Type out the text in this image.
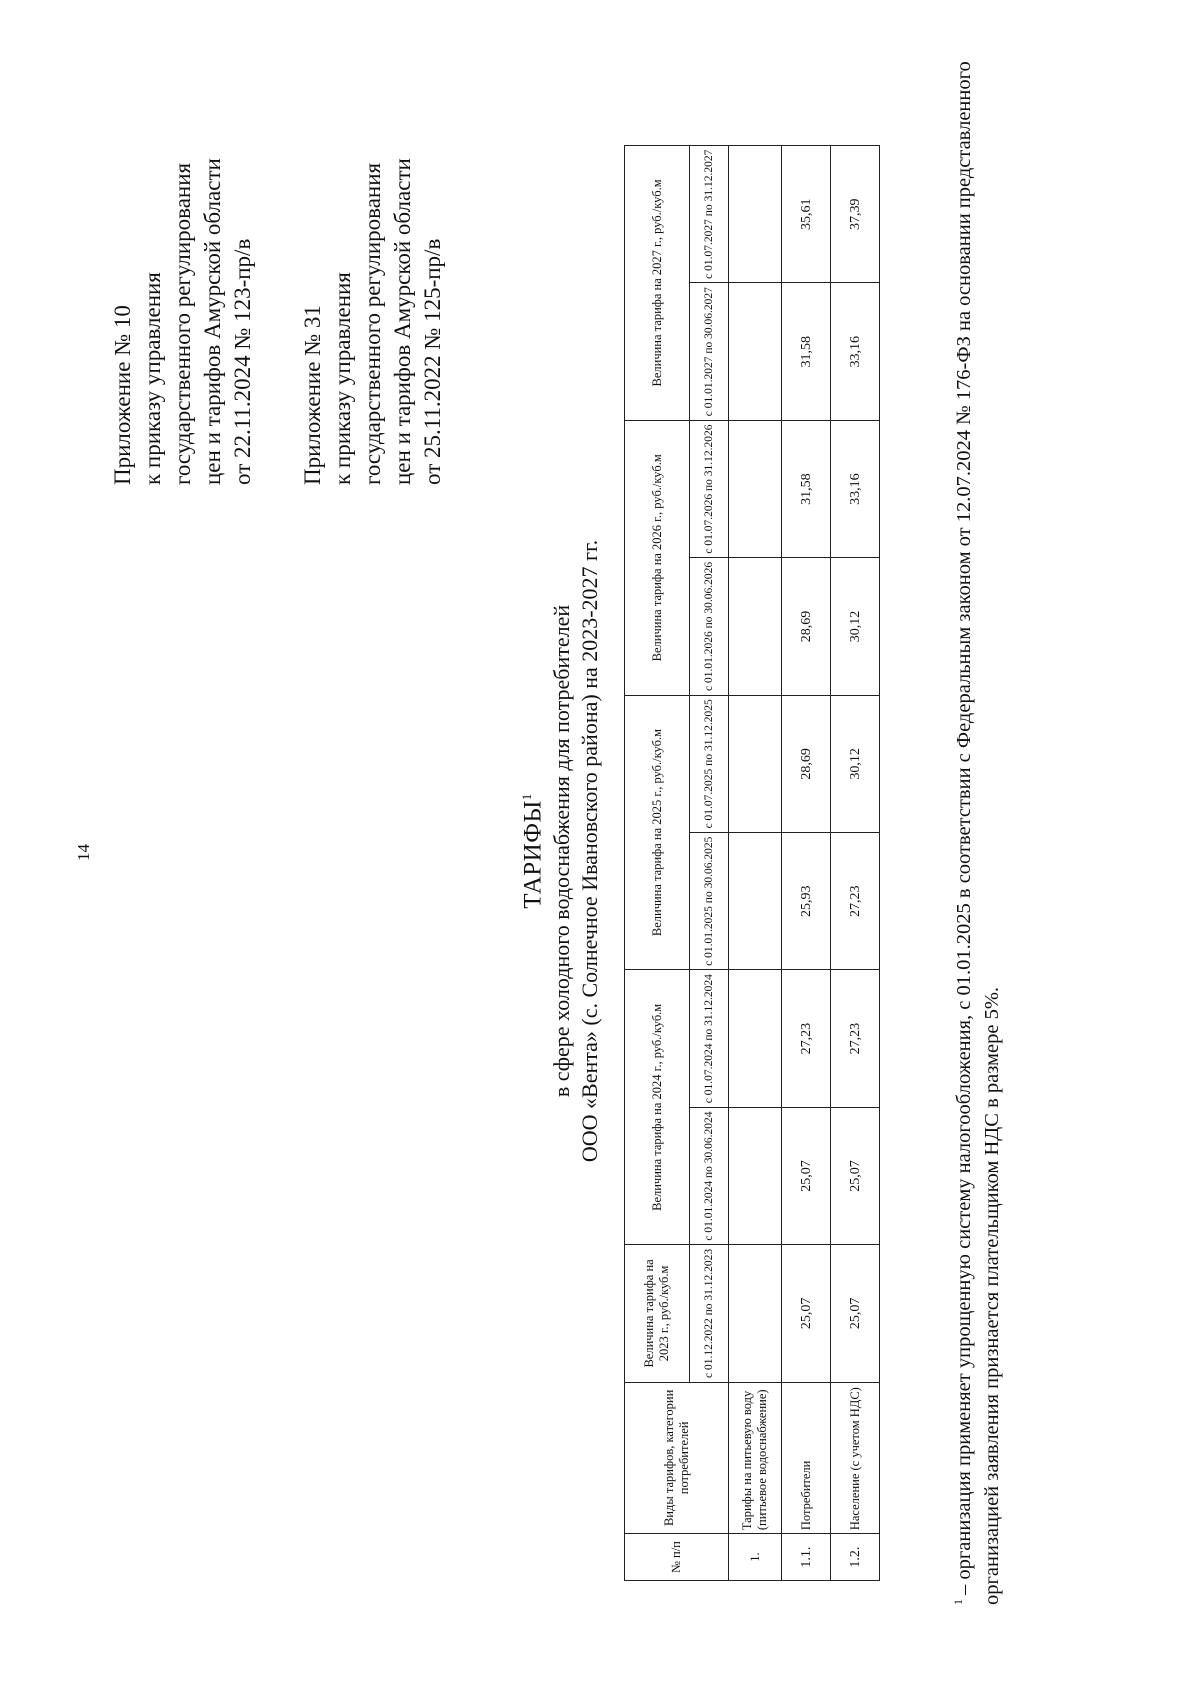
14
Приложение № 10 к приказу управления государственного регулирования цен и тарифов Амурской области от 22.11.2024 № 123-пр/в Приложение № 31 к приказу управления государственного регулирования цен и тарифов Амурской области от 25.11.2022 № 125-пр/в
ТАРИФЫ$^1$ в сфере холодного водоснабжения для потребителей ООО «Вента» (с. Солнечное Ивановского района) на 2023-2027 гг.
№ п/п	Виды тарифов, категории потребителей	Величина тарифа на 2023 г., руб./куб.м	Величина тарифа на 2024 г., руб./куб.м		Величина тарифа на 2025 г., руб./куб.м		Величина тарифа на 2026 г., руб./куб.м		Величина тарифа на 2027 г., руб./куб.м	
		с 01.12.2022 по 31.12.2023	с 01.01.2024 по 30.06.2024	с 01.07.2024 по 31.12.2024	с 01.01.2025 по 30.06.2025	с 01.07.2025 по 31.12.2025	с 01.01.2026 по 30.06.2026	с 01.07.2026 по 31.12.2026	с 01.01.2027 по 30.06.2027	с 01.07.2027 по 31.12.2027
1.	Тарифы на питьевую воду (питьевое водоснабжение)									
1.1.	Потребители	25,07	25,07	27,23	25,93	28,69	28,69	31,58	31,58	35,61
1.2.	Население (с учетом НДС)	25,07	25,07	27,23	27,23	30,12	30,12	33,16	33,16	37,39
$^1$– организация применяет упрощенную систему налогообложения, с 01.01.2025 в соответствии с Федеральным законом от 12.07.2024 № 176-ФЗ на основании представленного организацией заявления признается плательщиком НДС в размере 5%.
